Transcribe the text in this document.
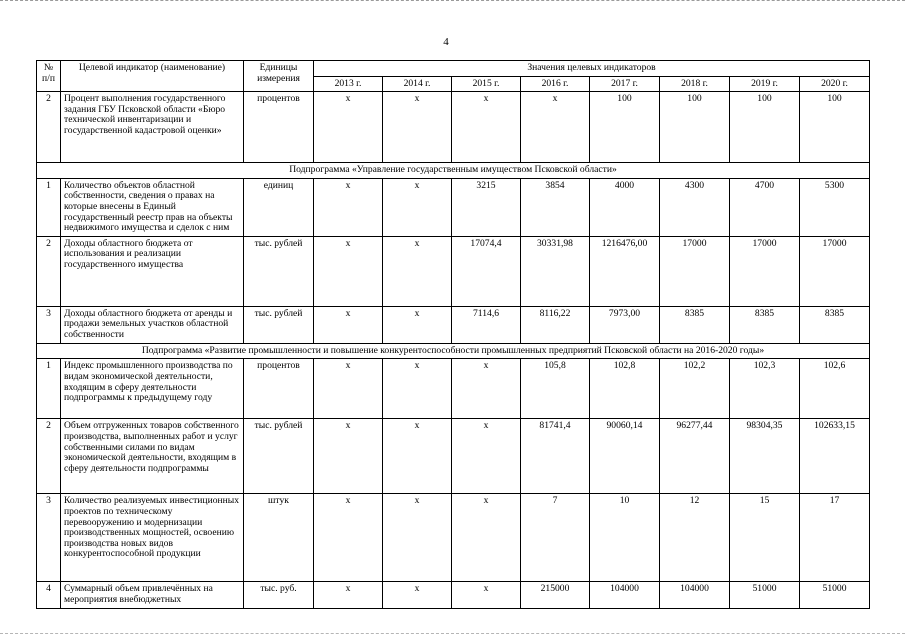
4
№
п/п	Целевой индикатор (наименование)	Единицы измерения	Значения целевых индикаторов							
			2013 г.	2014 г.	2015 г.	2016 г.	2017 г.	2018 г.	2019 г.	2020 г.
2	Процент выполнения государственного задания ГБУ Псковской области «Бюро технической инвентаризации и государственной кадастровой оценки»	процентов	х	х	х	х	100	100	100	100
Подпрограмма «Управление государственным имуществом Псковской области»										
1	Количество объектов областной собственности, сведения о правах на которые внесены в Единый государственный реестр прав на объекты недвижимого имущества и сделок с ним	единиц	х	х	3215	3854	4000	4300	4700	5300
2	Доходы областного бюджета от использования и реализации государственного имущества	тыс. рублей	х	х	17074,4	30331,98	1216476,00	17000	17000	17000
3	Доходы областного бюджета от аренды и продажи земельных участков областной собственности	тыс. рублей	х	х	7114,6	8116,22	7973,00	8385	8385	8385
Подпрограмма «Развитие промышленности и повышение конкурентоспособности промышленных предприятий Псковской области на 2016-2020 годы»										
1	Индекс промышленного производства по видам экономической деятельности, входящим в сферу деятельности подпрограммы к предыдущему году	процентов	х	х	х	105,8	102,8	102,2	102,3	102,6
2	Объем отгруженных товаров собственного производства, выполненных работ и услуг собственными силами по видам экономической деятельности, входящим в сферу деятельности подпрограммы	тыс. рублей	х	х	х	81741,4	90060,14	96277,44	98304,35	102633,15
3	Количество реализуемых инвестиционных проектов по техническому перевооружению и модернизации производственных мощностей, освоению производства новых видов конкурентоспособной продукции	штук	х	х	х	7	10	12	15	17
4	Суммарный объем привлечённых на мероприятия внебюджетных	тыс. руб.	х	х	х	215000	104000	104000	51000	51000
